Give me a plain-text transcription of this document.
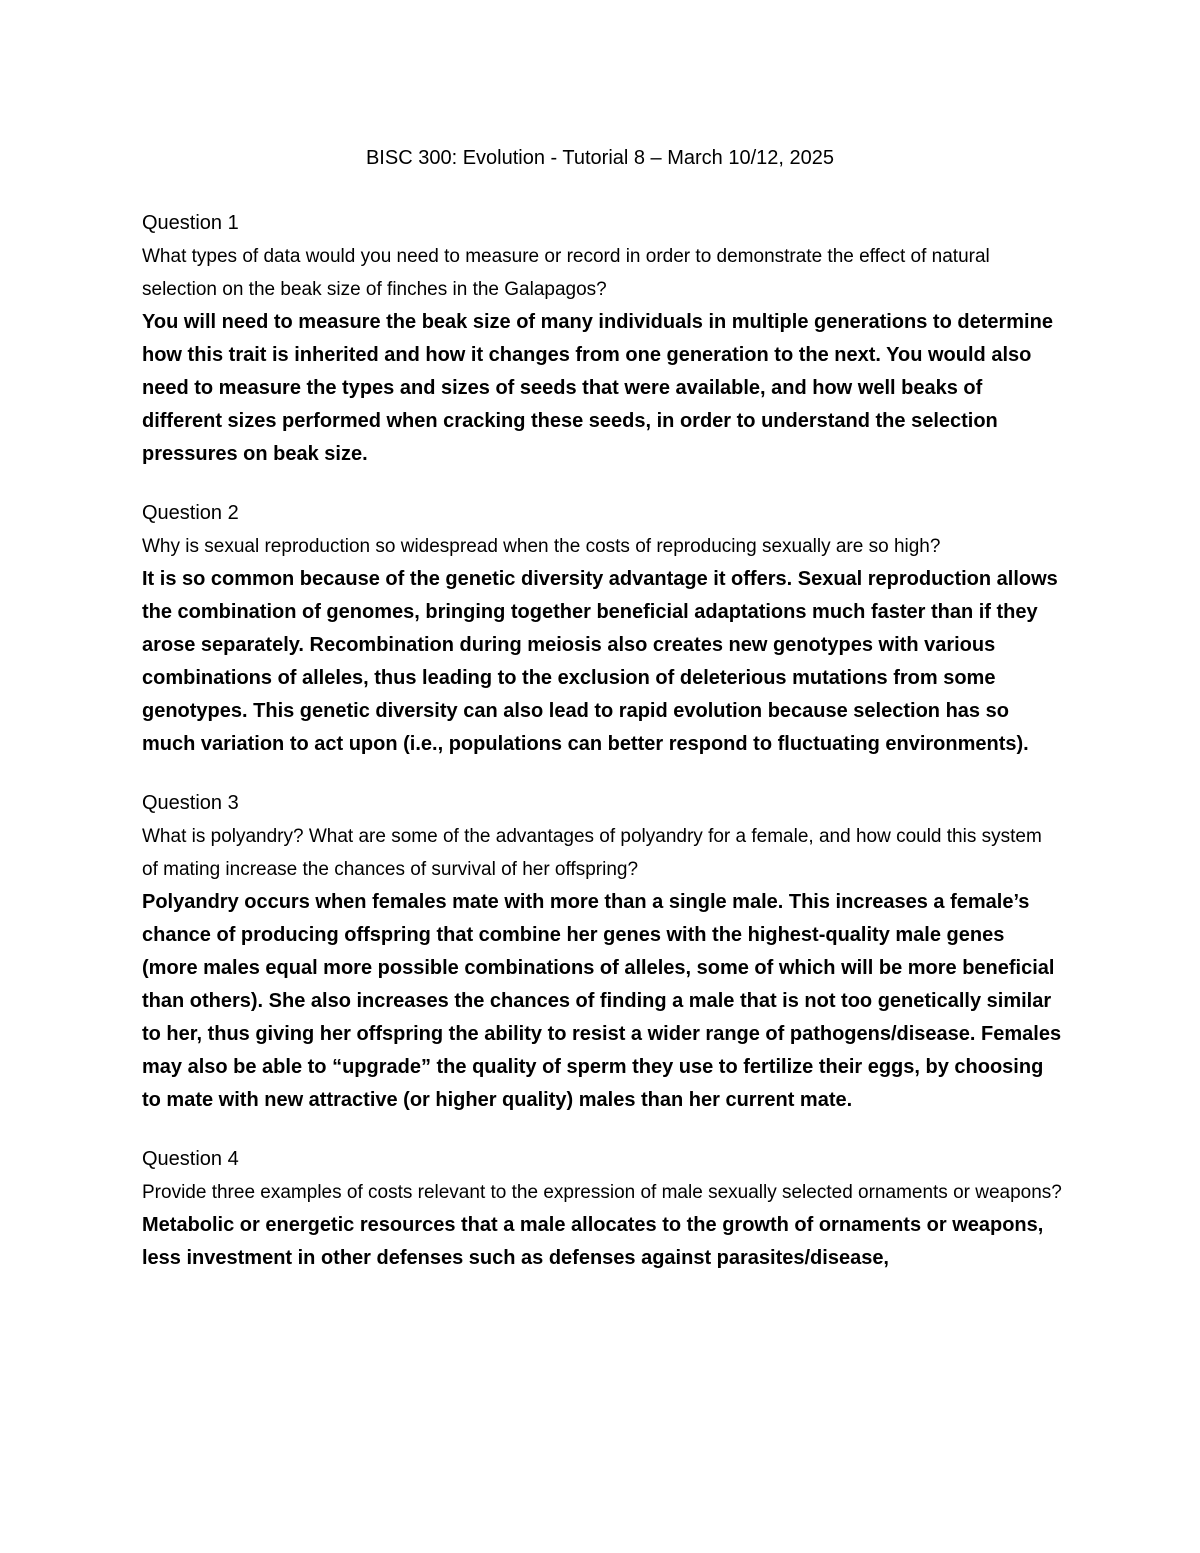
BISC 300: Evolution - Tutorial 8 – March 10/12, 2025

Question 1

What types of data would you need to measure or record in order to demonstrate the effect of natural selection on the beak size of finches in the Galapagos?

You will need to measure the beak size of many individuals in multiple generations to determine how this trait is inherited and how it changes from one generation to the next. You would also need to measure the types and sizes of seeds that were available, and how well beaks of different sizes performed when cracking these seeds, in order to understand the selection pressures on beak size.

Question 2

Why is sexual reproduction so widespread when the costs of reproducing sexually are so high?

It is so common because of the genetic diversity advantage it offers. Sexual reproduction allows the combination of genomes, bringing together beneficial adaptations much faster than if they arose separately. Recombination during meiosis also creates new genotypes with various combinations of alleles, thus leading to the exclusion of deleterious mutations from some genotypes. This genetic diversity can also lead to rapid evolution because selection has so much variation to act upon (i.e., populations can better respond to fluctuating environments).

Question 3

What is polyandry? What are some of the advantages of polyandry for a female, and how could this system of mating increase the chances of survival of her offspring?

Polyandry occurs when females mate with more than a single male. This increases a female’s chance of producing offspring that combine her genes with the highest-quality male genes (more males equal more possible combinations of alleles, some of which will be more beneficial than others). She also increases the chances of finding a male that is not too genetically similar to her, thus giving her offspring the ability to resist a wider range of pathogens/disease. Females may also be able to “upgrade” the quality of sperm they use to fertilize their eggs, by choosing to mate with new attractive (or higher quality) males than her current mate.

Question 4

Provide three examples of costs relevant to the expression of male sexually selected ornaments or weapons?

Metabolic or energetic resources that a male allocates to the growth of ornaments or weapons, less investment in other defenses such as defenses against parasites/disease,
